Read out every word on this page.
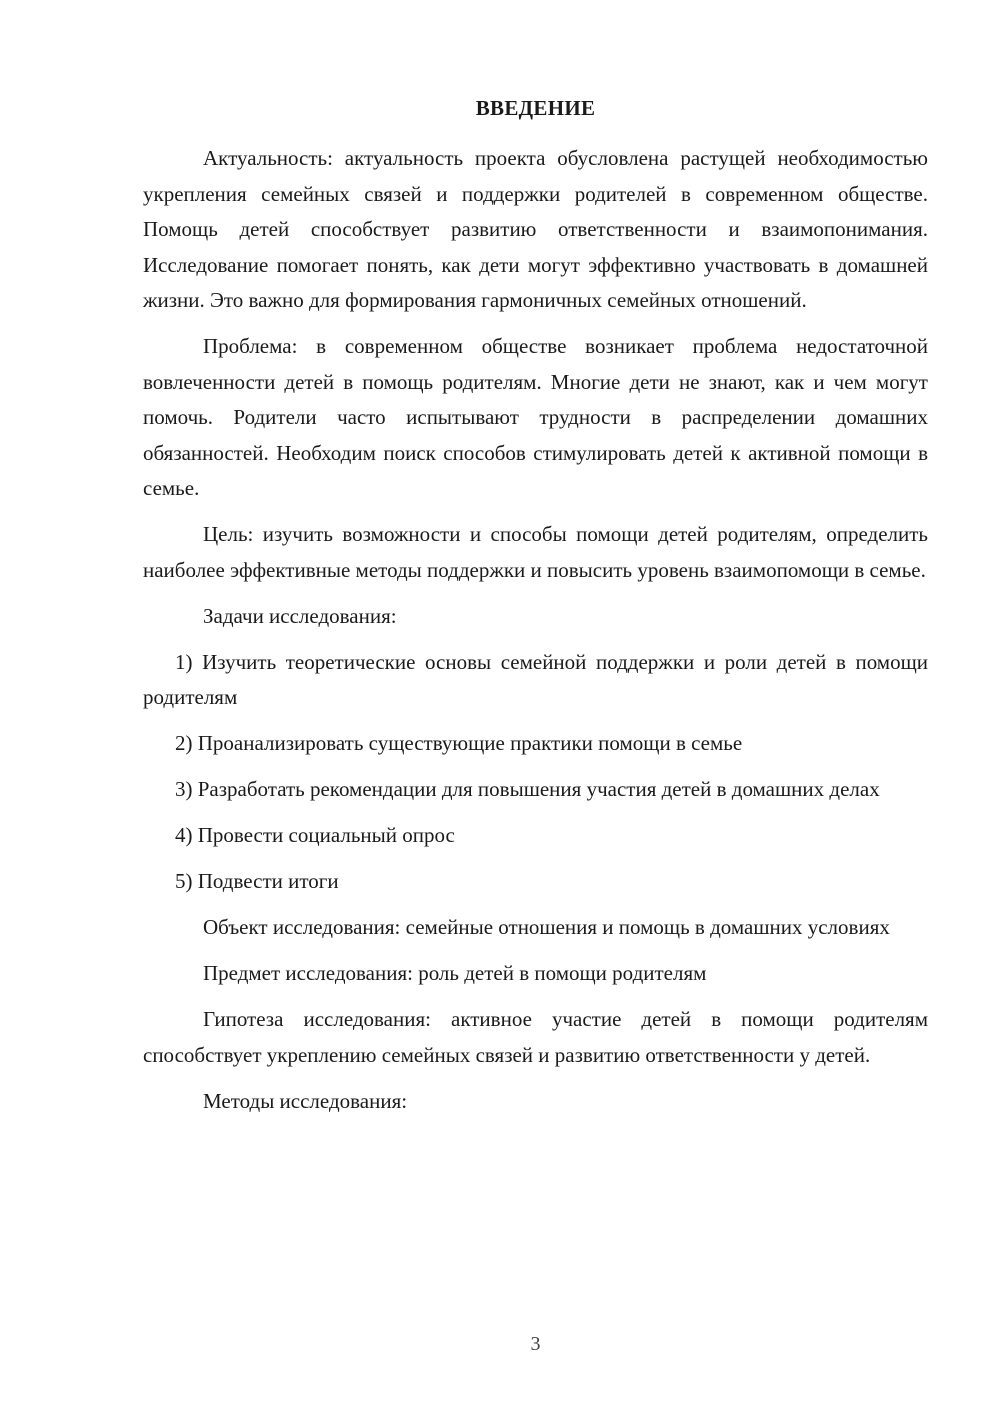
ВВЕДЕНИЕ

Актуальность: актуальность проекта обусловлена растущей необходимостью укрепления семейных связей и поддержки родителей в современном обществе. Помощь детей способствует развитию ответственности и взаимопонимания. Исследование помогает понять, как дети могут эффективно участвовать в домашней жизни. Это важно для формирования гармоничных семейных отношений.

Проблема: в современном обществе возникает проблема недостаточной вовлеченности детей в помощь родителям. Многие дети не знают, как и чем могут помочь. Родители часто испытывают трудности в распределении домашних обязанностей. Необходим поиск способов стимулировать детей к активной помощи в семье.

Цель: изучить возможности и способы помощи детей родителям, определить наиболее эффективные методы поддержки и повысить уровень взаимопомощи в семье.

Задачи исследования:

1) Изучить теоретические основы семейной поддержки и роли детей в помощи родителям

2) Проанализировать существующие практики помощи в семье

3) Разработать рекомендации для повышения участия детей в домашних делах

4) Провести социальный опрос

5) Подвести итоги

Объект исследования: семейные отношения и помощь в домашних условиях

Предмет исследования: роль детей в помощи родителям

Гипотеза исследования: активное участие детей в помощи родителям способствует укреплению семейных связей и развитию ответственности у детей.

Методы исследования:

3
